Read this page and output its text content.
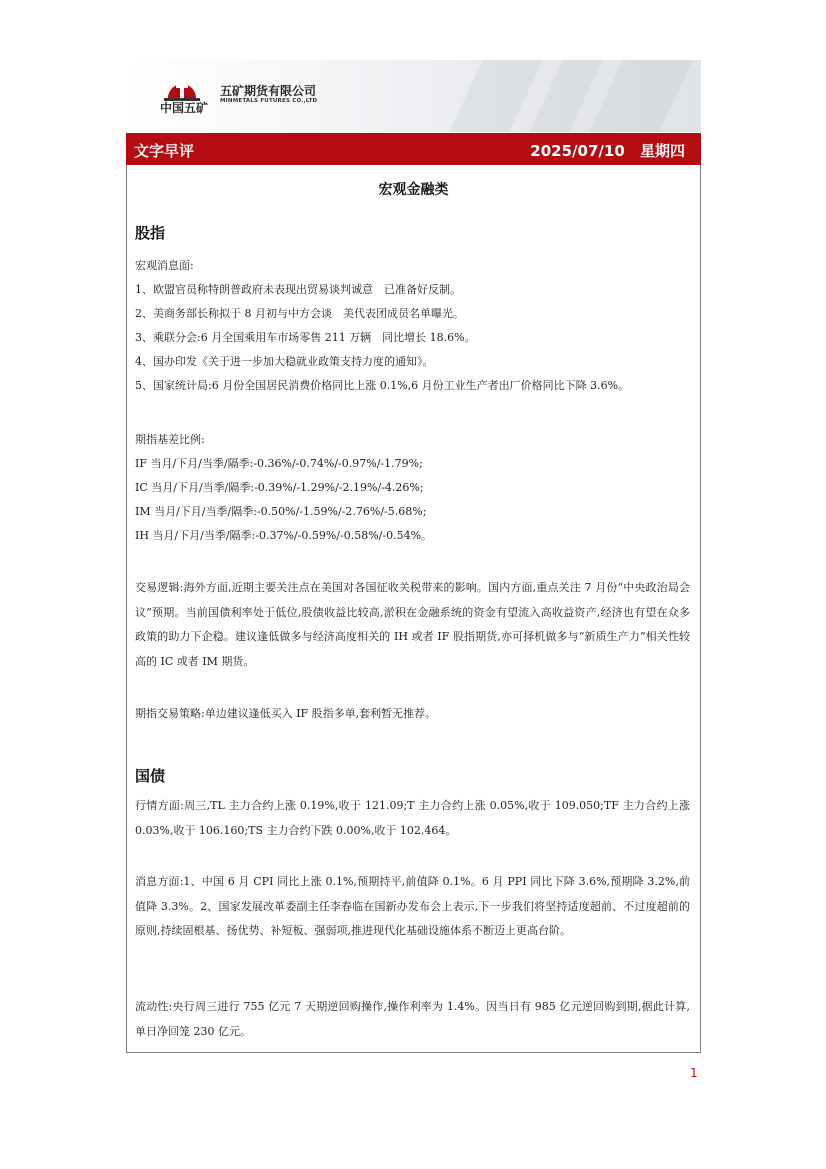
中国五矿
五矿期货有限公司
MINMETALS FUTURES CO.,LTD
文字早评	2025/07/10 星期四
宏观金融类
股指
宏观消息面:
1、欧盟官员称特朗普政府未表现出贸易谈判诚意　已准备好反制。
2、美商务部长称拟于 8 月初与中方会谈　美代表团成员名单曝光。
3、乘联分会:6 月全国乘用车市场零售 211 万辆　同比增长 18.6%。
4、国办印发《关于进一步加大稳就业政策支持力度的通知》。
5、国家统计局:6 月份全国居民消费价格同比上涨 0.1%,6 月份工业生产者出厂价格同比下降 3.6%。
期指基差比例:
IF 当月/下月/当季/隔季:-0.36%/-0.74%/-0.97%/-1.79%;
IC 当月/下月/当季/隔季:-0.39%/-1.29%/-2.19%/-4.26%;
IM 当月/下月/当季/隔季:-0.50%/-1.59%/-2.76%/-5.68%;
IH 当月/下月/当季/隔季:-0.37%/-0.59%/-0.58%/-0.54%。
交易逻辑:海外方面,近期主要关注点在美国对各国征收关税带来的影响。国内方面,重点关注 7 月份“中央政治局会议”预期。当前国债利率处于低位,股债收益比较高,淤积在金融系统的资金有望流入高收益资产,经济也有望在众多政策的助力下企稳。建议逢低做多与经济高度相关的 IH 或者 IF 股指期货,亦可择机做多与“新质生产力”相关性较高的 IC 或者 IM 期货。
期指交易策略:单边建议逢低买入 IF 股指多单,套利暂无推荐。
国债
行情方面:周三,TL 主力合约上涨 0.19%,收于 121.09;T 主力合约上涨 0.05%,收于 109.050;TF 主力合约上涨 0.03%,收于 106.160;TS 主力合约下跌 0.00%,收于 102.464。
消息方面:1、中国 6 月 CPI 同比上涨 0.1%,预期持平,前值降 0.1%。6 月 PPI 同比下降 3.6%,预期降 3.2%,前值降 3.3%。2、国家发展改革委副主任李春临在国新办发布会上表示,下一步我们将坚持适度超前、不过度超前的原则,持续固根基、扬优势、补短板、强弱项,推进现代化基础设施体系不断迈上更高台阶。
流动性:央行周三进行 755 亿元 7 天期逆回购操作,操作利率为 1.4%。因当日有 985 亿元逆回购到期,据此计算,单日净回笼 230 亿元。
1
